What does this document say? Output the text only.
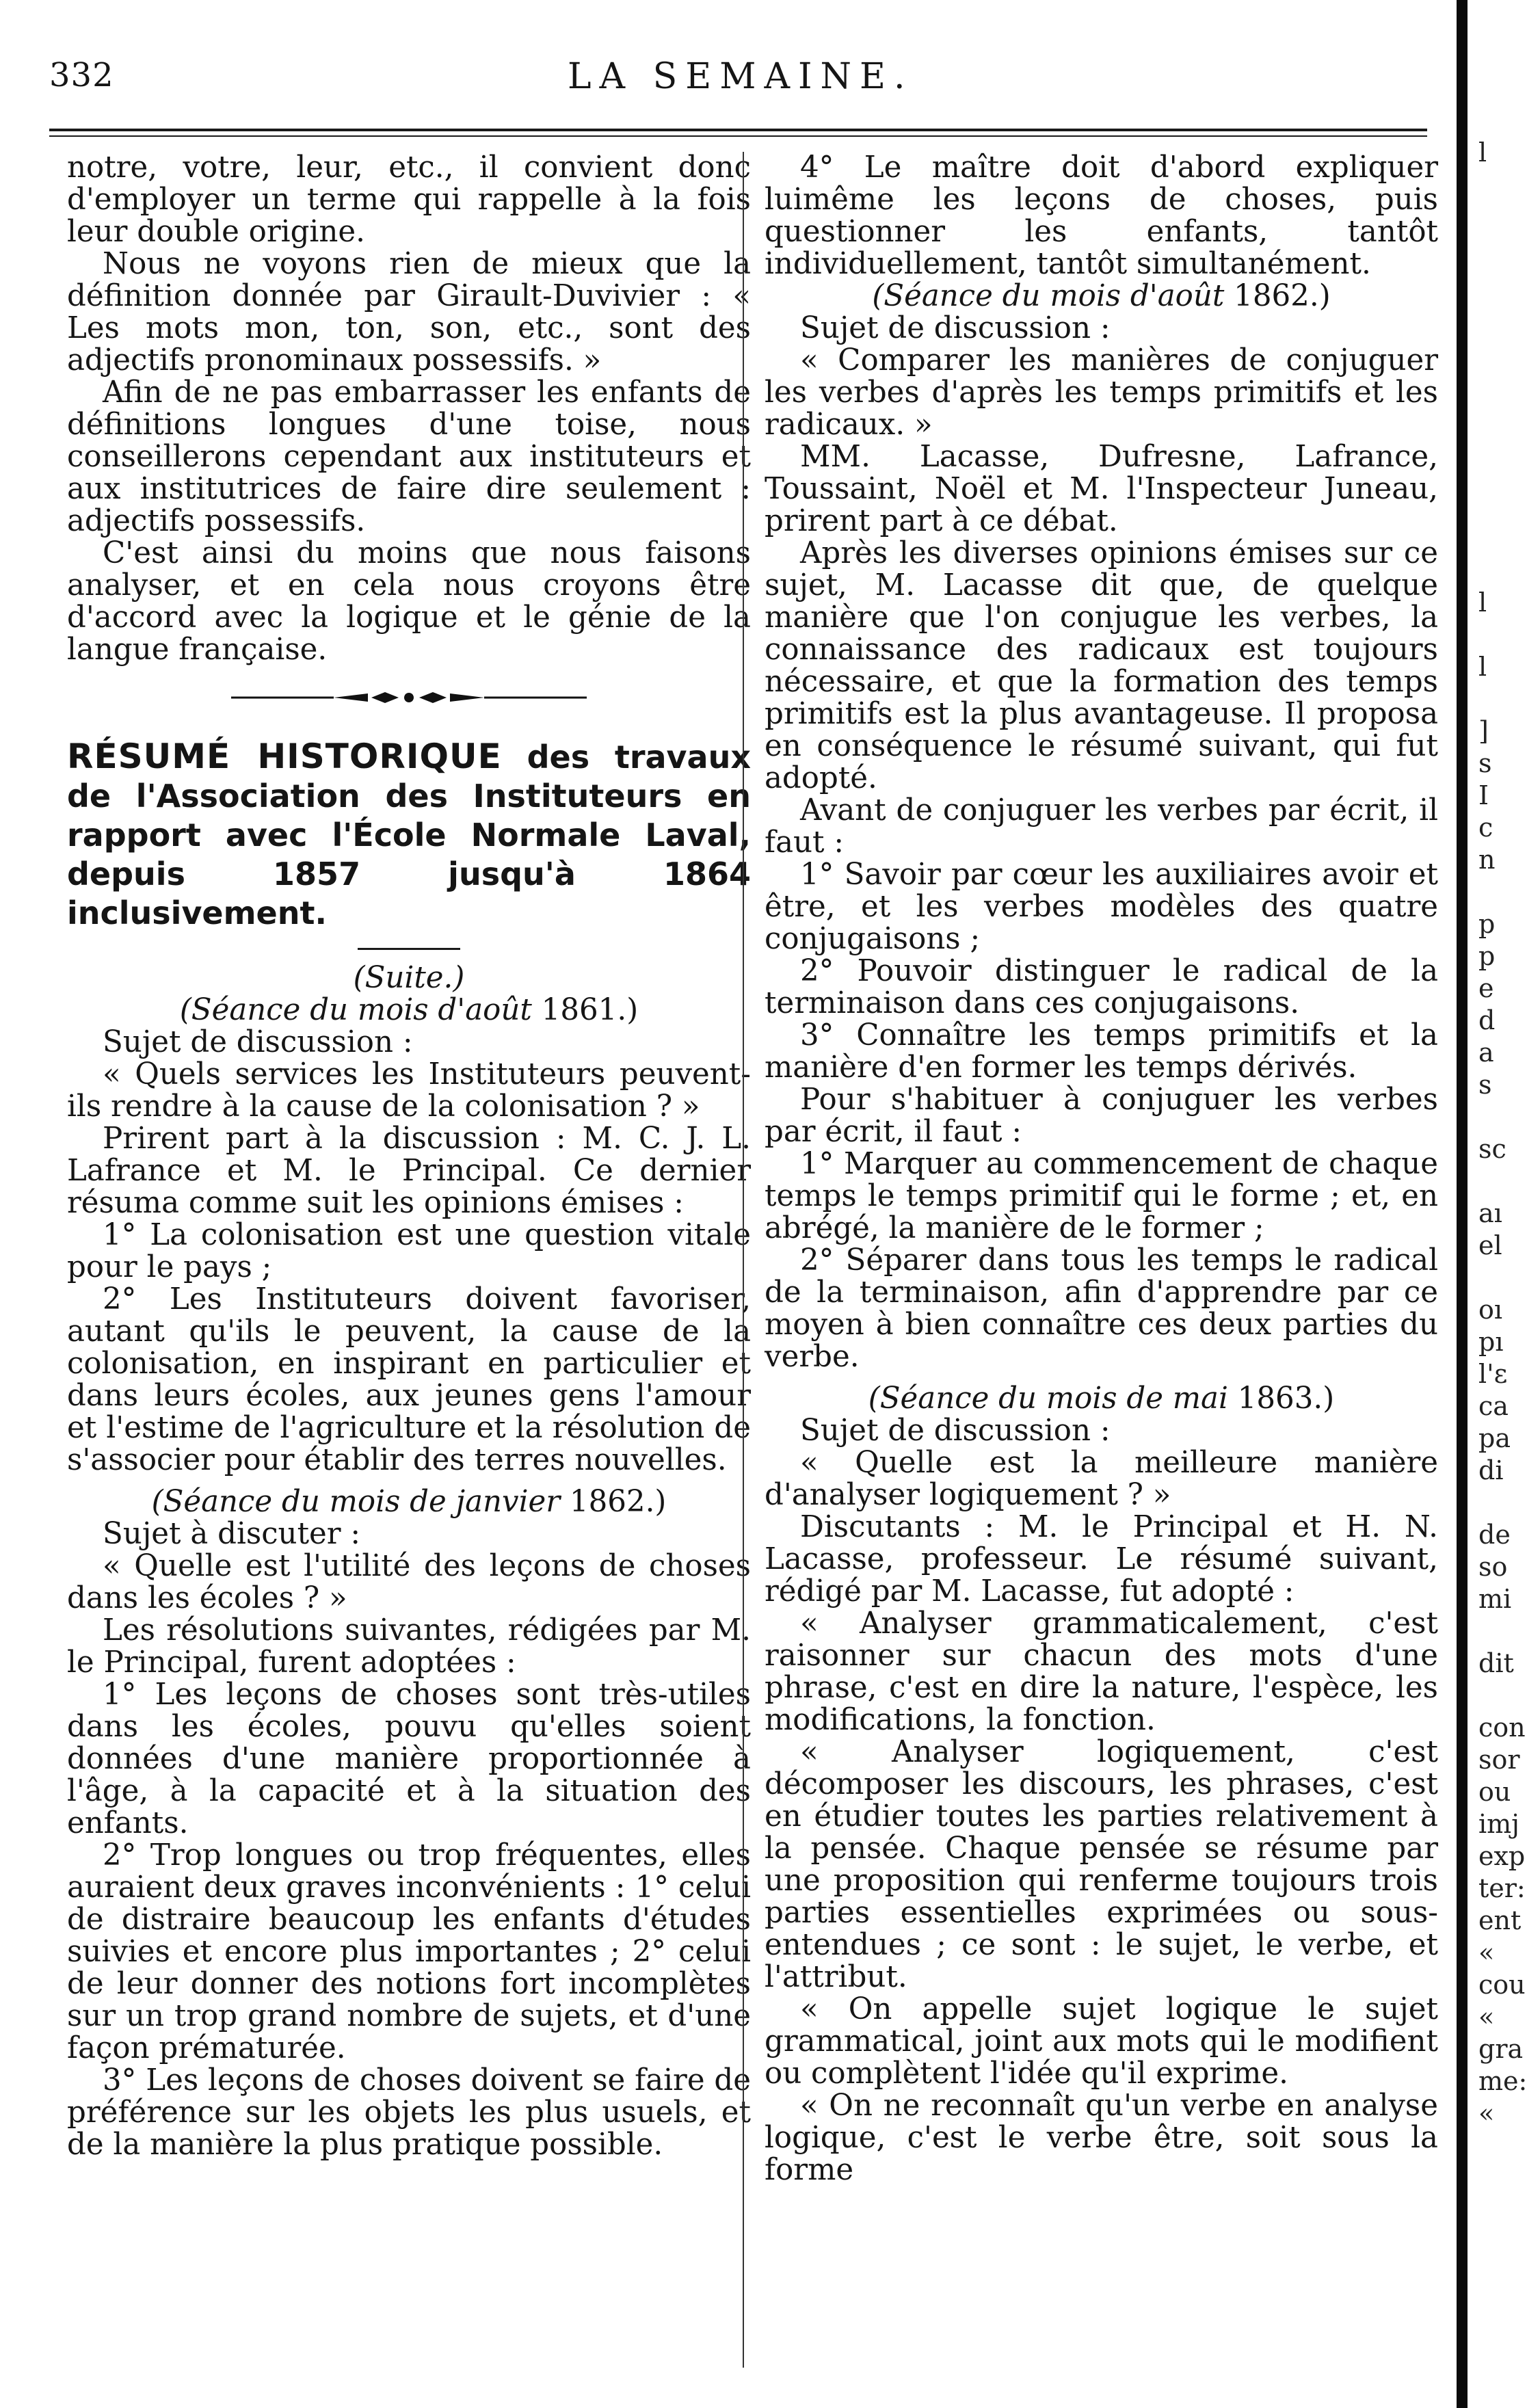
332	LA SEMAINE.

notre, votre, leur, etc., il convient donc d'employer un terme qui rappelle à la fois leur double origine.

Nous ne voyons rien de mieux que la définition donnée par Girault-Duvivier : « Les mots mon, ton, son, etc., sont des adjectifs pronominaux possessifs. »

Afin de ne pas embarrasser les enfants de définitions longues d'une toise, nous conseillerons cependant aux instituteurs et aux institutrices de faire dire seulement : adjectifs possessifs.

C'est ainsi du moins que nous faisons analyser, et en cela nous croyons être d'accord avec la logique et le génie de la langue française.

RÉSUMÉ HISTORIQUE des travaux de l'Association des Instituteurs en rapport avec l'École Normale Laval, depuis 1857 jusqu'à 1864 inclusivement.

(Suite.)

(Séance du mois d'août 1861.)

Sujet de discussion :

« Quels services les Instituteurs peuvent-ils rendre à la cause de la colonisation ? »

Prirent part à la discussion : M. C. J. L. Lafrance et M. le Principal. Ce dernier résuma comme suit les opinions émises :

1° La colonisation est une question vitale pour le pays ;

2° Les Instituteurs doivent favoriser, autant qu'ils le peuvent, la cause de la colonisation, en inspirant en particulier et dans leurs écoles, aux jeunes gens l'amour et l'estime de l'agriculture et la résolution de s'associer pour établir des terres nouvelles.

(Séance du mois de janvier 1862.)

Sujet à discuter :

« Quelle est l'utilité des leçons de choses dans les écoles ? »

Les résolutions suivantes, rédigées par M. le Principal, furent adoptées :

1° Les leçons de choses sont très-utiles dans les écoles, pouvu qu'elles soient données d'une manière proportionnée à l'âge, à la capacité et à la situation des enfants.

2° Trop longues ou trop fréquentes, elles auraient deux graves inconvénients : 1° celui de distraire beaucoup les enfants d'études suivies et encore plus importantes ; 2° celui de leur donner des notions fort incomplètes sur un trop grand nombre de sujets, et d'une façon prématurée.

3° Les leçons de choses doivent se faire de préférence sur les objets les plus usuels, et de la manière la plus pratique possible.

4° Le maître doit d'abord expliquer luimême les leçons de choses, puis questionner les enfants, tantôt individuellement, tantôt simultanément.

(Séance du mois d'août 1862.)

Sujet de discussion :

« Comparer les manières de conjuguer les verbes d'après les temps primitifs et les radicaux. »

MM. Lacasse, Dufresne, Lafrance, Toussaint, Noël et M. l'Inspecteur Juneau, prirent part à ce débat.

Après les diverses opinions émises sur ce sujet, M. Lacasse dit que, de quelque manière que l'on conjugue les verbes, la connaissance des radicaux est toujours nécessaire, et que la formation des temps primitifs est la plus avantageuse. Il proposa en conséquence le résumé suivant, qui fut adopté.

Avant de conjuguer les verbes par écrit, il faut :

1° Savoir par cœur les auxiliaires avoir et être, et les verbes modèles des quatre conjugaisons ;

2° Pouvoir distinguer le radical de la terminaison dans ces conjugaisons.

3° Connaître les temps primitifs et la manière d'en former les temps dérivés.

Pour s'habituer à conjuguer les verbes par écrit, il faut :

1° Marquer au commencement de chaque temps le temps primitif qui le forme ; et, en abrégé, la manière de le former ;

2° Séparer dans tous les temps le radical de la terminaison, afin d'apprendre par ce moyen à bien connaître ces deux parties du verbe.

(Séance du mois de mai 1863.)

Sujet de discussion :

« Quelle est la meilleure manière d'analyser logiquement ? »

Discutants : M. le Principal et H. N. Lacasse, professeur. Le résumé suivant, rédigé par M. Lacasse, fut adopté :

« Analyser grammaticalement, c'est raisonner sur chacun des mots d'une phrase, c'est en dire la nature, l'espèce, les modifications, la fonction.

« Analyser logiquement, c'est décomposer les discours, les phrases, c'est en étudier toutes les parties relativement à la pensée. Chaque pensée se résume par une proposition qui renferme toujours trois parties essentielles exprimées ou sous-entendues ; ce sont : le sujet, le verbe, et l'attribut.

« On appelle sujet logique le sujet grammatical, joint aux mots qui le modifient ou complètent l'idée qu'il exprime.

« On ne reconnaît qu'un verbe en analyse logique, c'est le verbe être, soit sous la forme

l
l
l
]
s
I
c
n
p
p
e
d
a
s
sc
aı
el
oı
pı
l'ɛ
ca
pa
di
de
so
mi
dit
con
sor
ou
imj
exp
ter:
ent
«
cou
«
gra
me:
«
